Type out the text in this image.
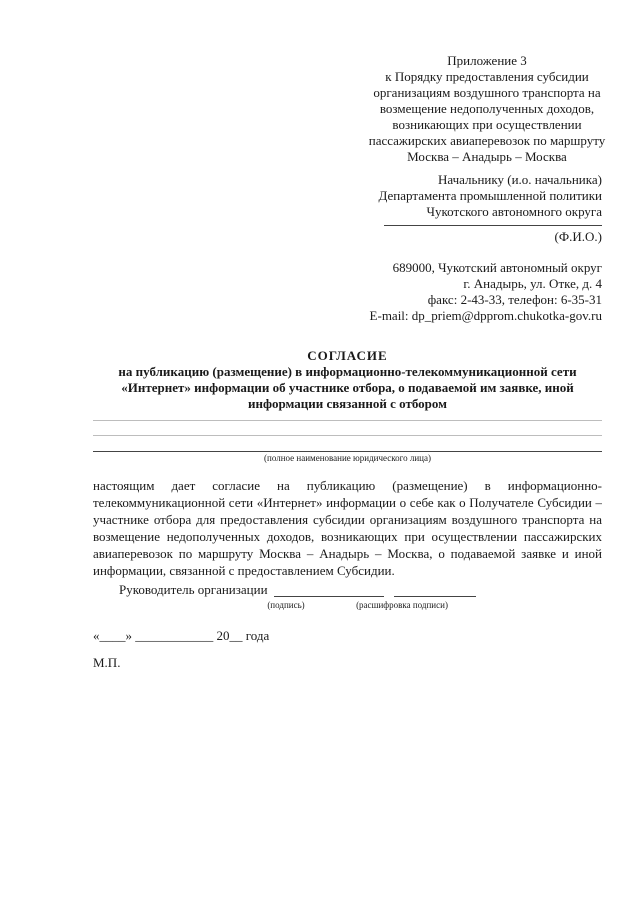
Приложение 3
к Порядку предоставления субсидии
организациям воздушного транспорта на
возмещение недополученных доходов,
возникающих при осуществлении
пассажирских авиаперевозок по маршруту
Москва – Анадырь – Москва
Начальнику (и.о. начальника)
Департамента промышленной политики
Чукотского автономного округа
(Ф.И.О.)
689000, Чукотский автономный округ
г. Анадырь, ул. Отке, д. 4
факс: 2-43-33, телефон: 6-35-31
E-mail: dp_priem@dpprom.chukotka-gov.ru
СОГЛАСИЕ
на публикацию (размещение) в информационно-телекоммуникационной сети
«Интернет» информации об участнике отбора, о подаваемой им заявке, иной
информации связанной с отбором
(полное наименование юридического лица)
настоящим дает согласие на публикацию (размещение) в информационно-
телекоммуникационной сети «Интернет» информации о себе как о Получателе Субсидии –
участнике отбора для предоставления субсидии организациям воздушного транспорта на
возмещение недополученных доходов, возникающих при осуществлении пассажирских
авиаперевозок по маршруту Москва – Анадырь – Москва, о подаваемой заявке и иной
информации, связанной с предоставлением Субсидии.
Руководитель организации
(подпись)	(расшифровка подписи)
«____» ____________ 20__ года
М.П.
